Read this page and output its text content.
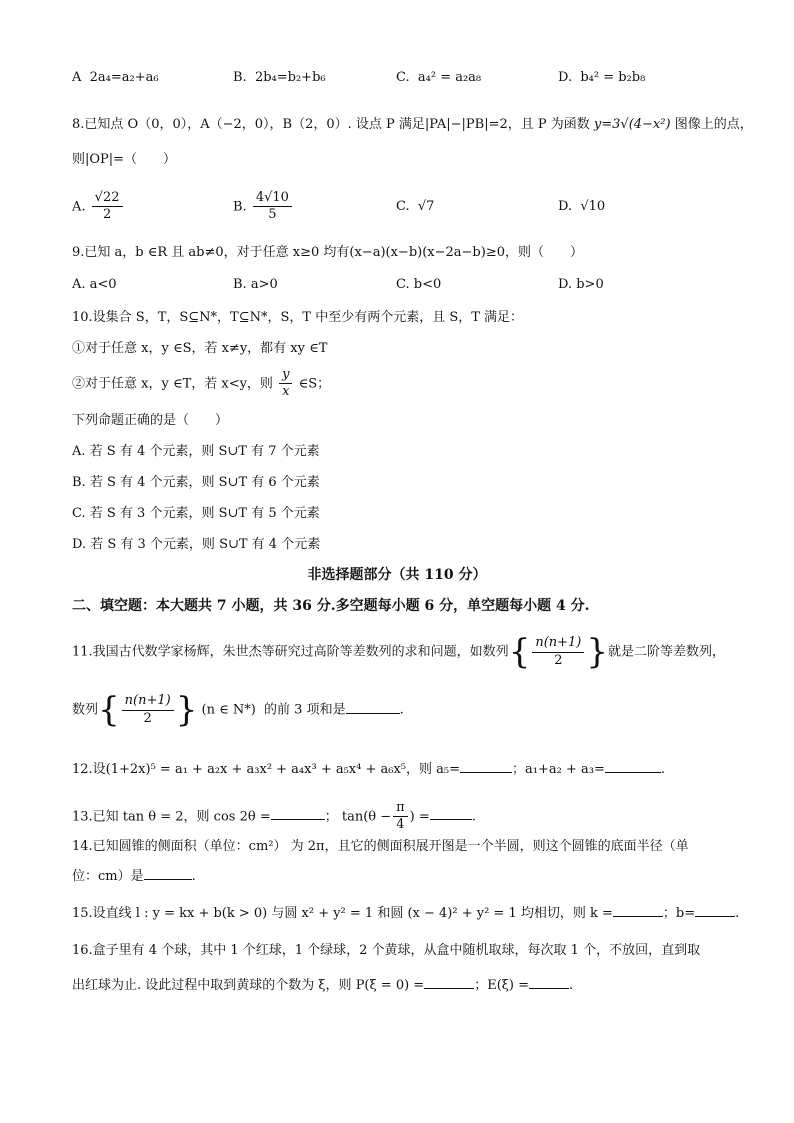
A 2a₄=a₂+a₆	B. 2b₄=b₂+b₆	C. a₄² = a₂a₈	D. b₄² = b₂b₈
8.已知点 O（0，0），A（−2，0），B（2，0）. 设点 P 满足|PA|−|PB|=2，且 P 为函数 y=3√(4−x²) 图像上的点，
则|OP|=（　　）
A. $\frac{√22}{2}$	B. $\frac{4√10}{5}$	C. √7	D. √10
9.已知 a，b ∈R 且 ab≠0，对于任意 x≥0 均有(x−a)(x−b)(x−2a−b)≥0，则（　　）
A. a<0	B. a>0	C. b<0	D. b>0
10.设集合 S，T，S⊆N*，T⊆N*，S，T 中至少有两个元素，且 S，T 满足：
①对于任意 x，y ∈S，若 x≠y，都有 xy ∈T
②对于任意 x，y ∈T，若 x<y，则 $\frac{y}{x}$ ∈S；
下列命题正确的是（　　）
A. 若 S 有 4 个元素，则 S∪T 有 7 个元素
B. 若 S 有 4 个元素，则 S∪T 有 6 个元素
C. 若 S 有 3 个元素，则 S∪T 有 5 个元素
D. 若 S 有 3 个元素，则 S∪T 有 4 个元素
非选择题部分（共 110 分）
二、填空题：本大题共 7 小题，共 36 分.多空题每小题 6 分，单空题每小题 4 分.
11.我国古代数学家杨辉，朱世杰等研究过高阶等差数列的求和问题，如数列{ $\frac{n(n+1)}{2}$ }就是二阶等差数列，
数列{ $\frac{n(n+1)}{2}$ } (n ∈ N*) 的前 3 项和是	.
12.设(1+2x)⁵ = a₁ + a₂x + a₃x² + a₄x³ + a₅x⁴ + a₆x⁵，则 a₅=	；a₁+a₂ + a₃=	.
13.已知 tan θ = 2，则 cos 2θ =	； $\tan(\theta - \frac{\pi}{4}$ ) =	.
14.已知圆锥的侧面积（单位：cm²） 为 2π，且它的侧面积展开图是一个半圆，则这个圆锥的底面半径（单
位：cm）是	.
15.设直线 l : y = kx + b(k > 0) 与圆 x² + y² = 1 和圆 (x − 4)² + y² = 1 均相切，则 k =	；b=	.
16.盒子里有 4 个球，其中 1 个红球，1 个绿球，2 个黄球，从盒中随机取球，每次取 1 个，不放回，直到取
出红球为止. 设此过程中取到黄球的个数为 ξ，则 P(ξ = 0) =	；E(ξ) =	.
